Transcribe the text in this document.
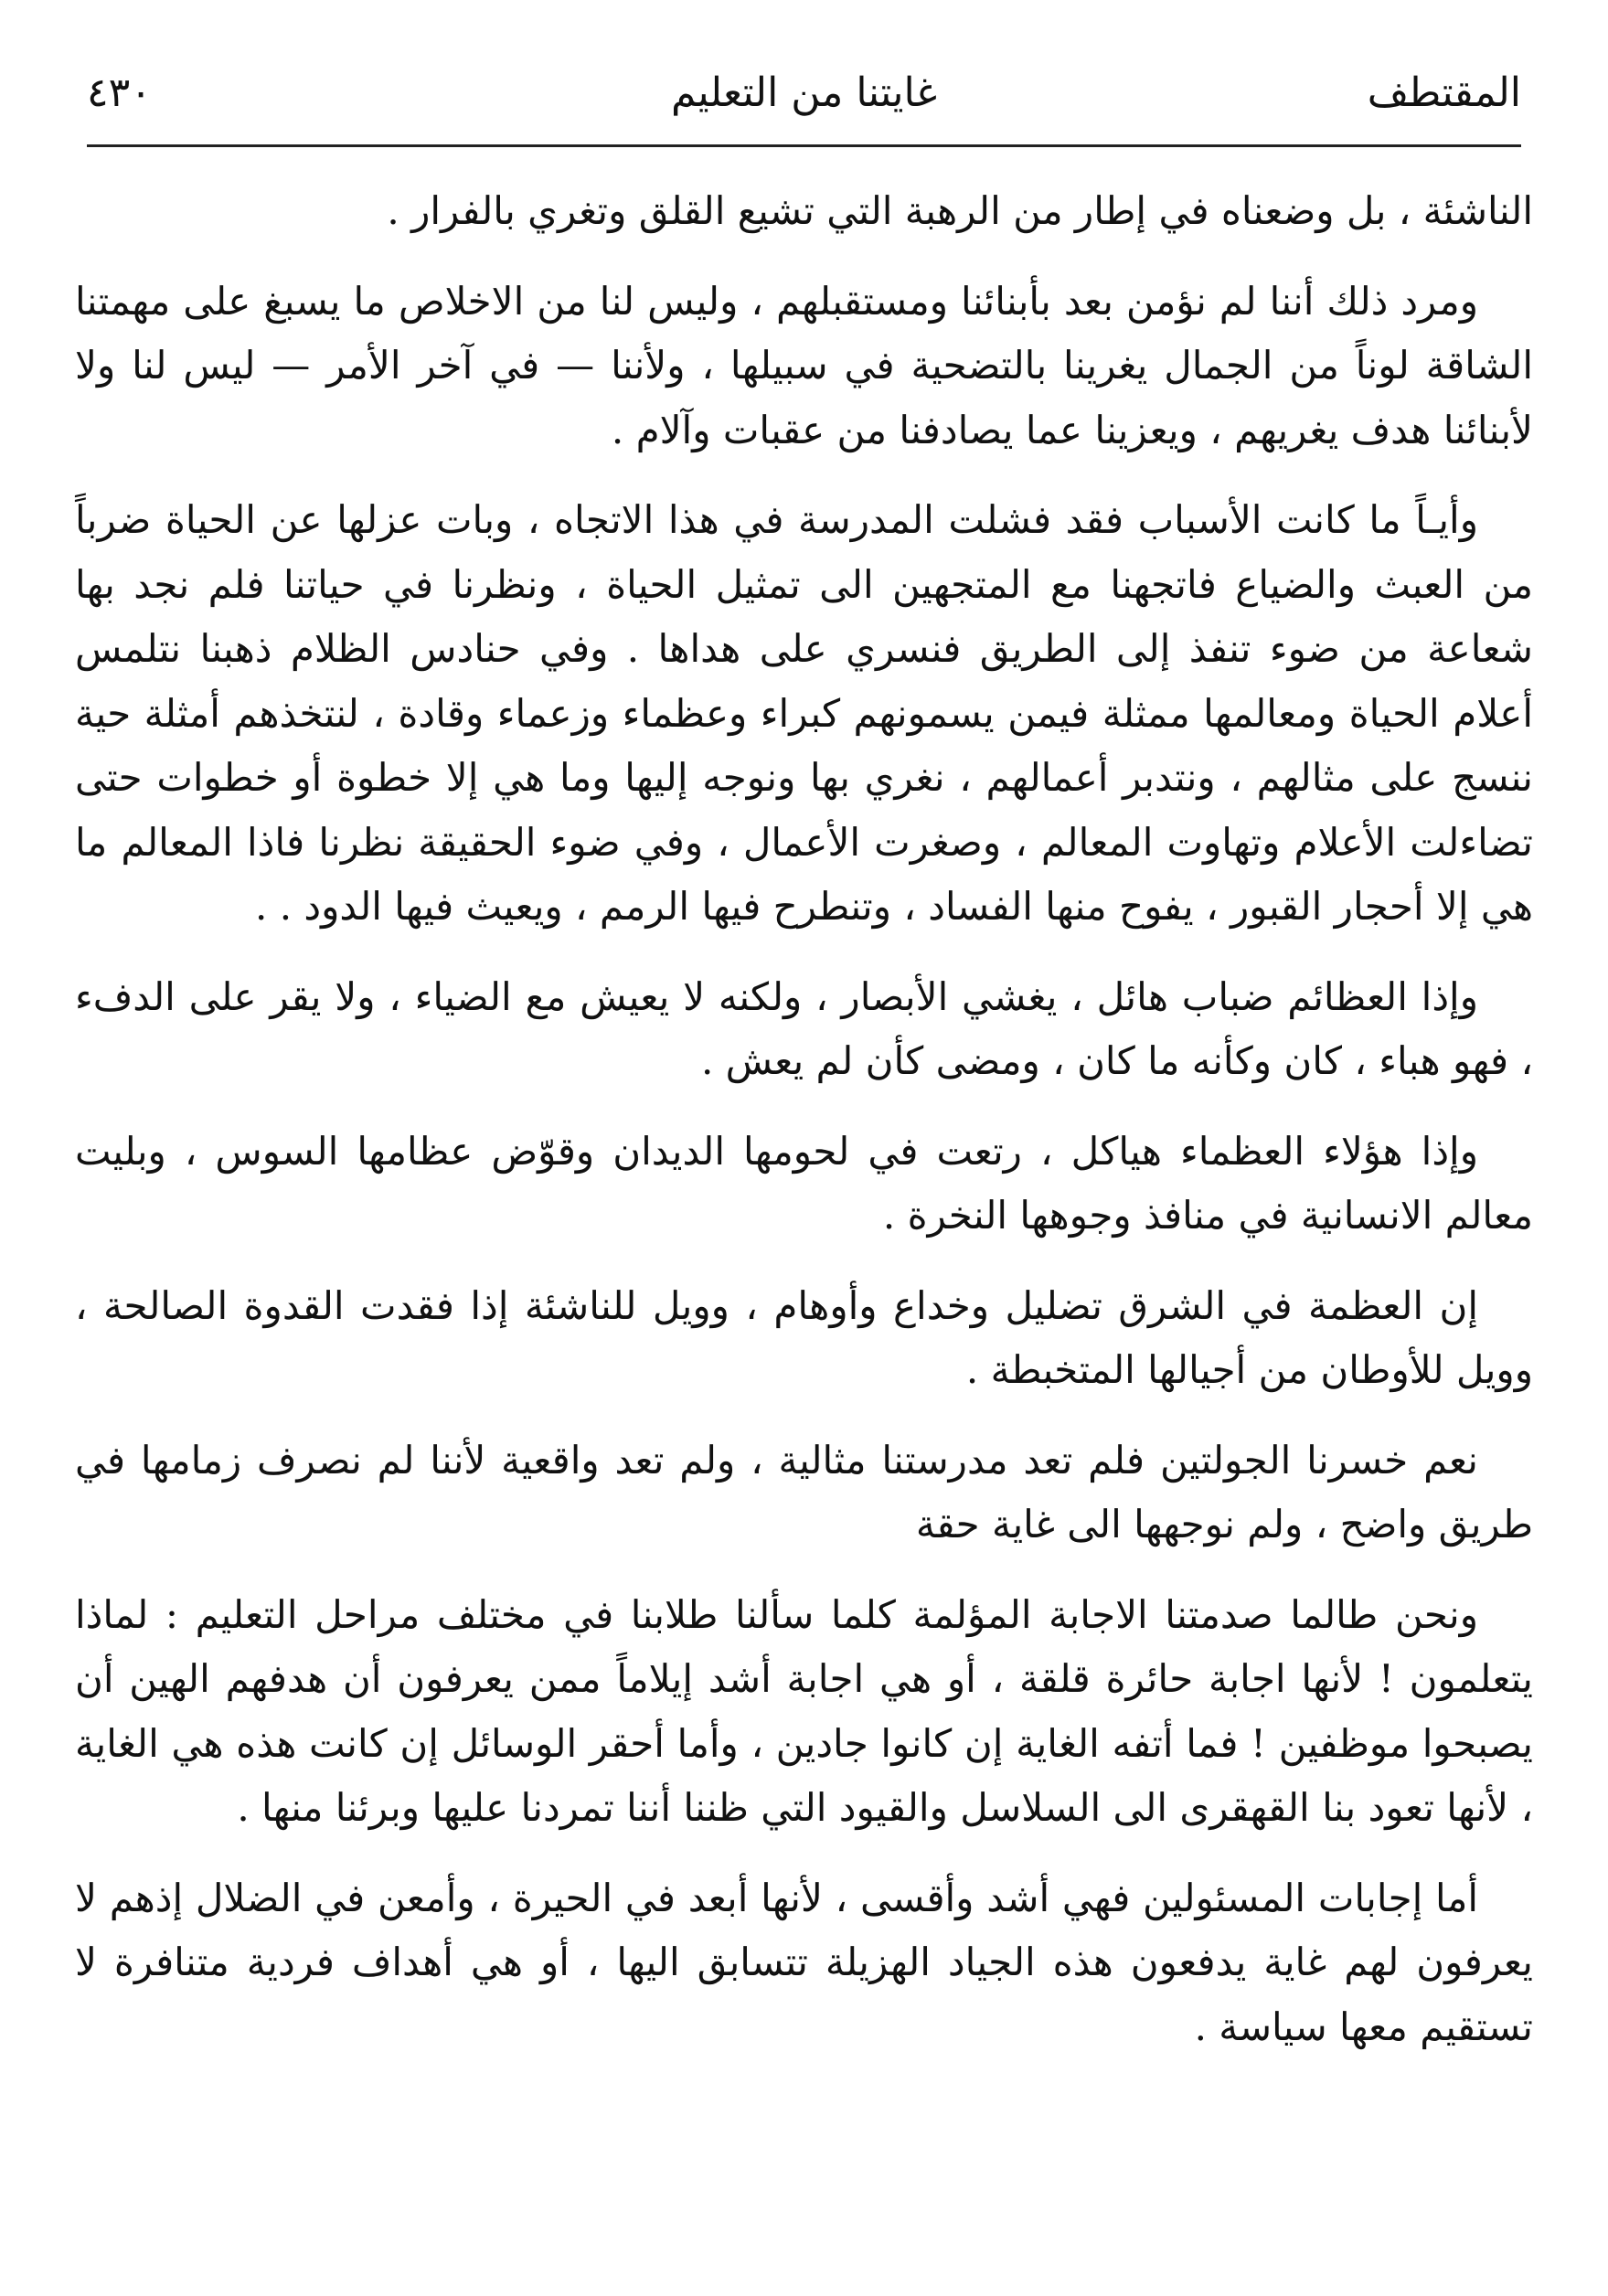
غايتنا من التعليم
٤٣٠	المقتطف

الناشئة ، بل وضعناه في إطار من الرهبة التي تشيع القلق وتغري بالفرار .

ومرد ذلك أننا لم نؤمن بعد بأبنائنا ومستقبلهم ، وليس لنا من الاخلاص ما يسبغ على مهمتنا الشاقة لوناً من الجمال يغرينا بالتضحية في سبيلها ، ولأننا — في آخر الأمر — ليس لنا ولا لأبنائنا هدف يغريهم ، ويعزينا عما يصادفنا من عقبات وآلام .

وأيـاً ما كانت الأسباب فقد فشلت المدرسة في هذا الاتجاه ، وبات عزلها عن الحياة ضرباً من العبث والضياع فاتجهنا مع المتجهين الى تمثيل الحياة ، ونظرنا في حياتنا فلم نجد بها شعاعة من ضوء تنفذ إلى الطريق فنسري على هداها . وفي حنادس الظلام ذهبنا نتلمس أعلام الحياة ومعالمها ممثلة فيمن يسمونهم كبراء وعظماء وزعماء وقادة ، لنتخذهم أمثلة حية ننسج على مثالهم ، ونتدبر أعمالهم ، نغري بها ونوجه إليها وما هي إلا خطوة أو خطوات حتى تضاءلت الأعلام وتهاوت المعالم ، وصغرت الأعمال ، وفي ضوء الحقيقة نظرنا فاذا المعالم ما هي إلا أحجار القبور ، يفوح منها الفساد ، وتنطرح فيها الرمم ، ويعيث فيها الدود . .

وإذا العظائم ضباب هائل ، يغشي الأبصار ، ولكنه لا يعيش مع الضياء ، ولا يقر على الدفء ، فهو هباء ، كان وكأنه ما كان ، ومضى كأن لم يعش .

وإذا هؤلاء العظماء هياكل ، رتعت في لحومها الديدان وقوّض عظامها السوس ، وبليت معالم الانسانية في منافذ وجوهها النخرة .

إن العظمة في الشرق تضليل وخداع وأوهام ، وويل للناشئة إذا فقدت القدوة الصالحة ، وويل للأوطان من أجيالها المتخبطة .

نعم خسرنا الجولتين فلم تعد مدرستنا مثالية ، ولم تعد واقعية لأننا لم نصرف زمامها في طريق واضح ، ولم نوجهها الى غاية حقة

ونحن طالما صدمتنا الاجابة المؤلمة كلما سألنا طلابنا في مختلف مراحل التعليم : لماذا يتعلمون ! لأنها اجابة حائرة قلقة ، أو هي اجابة أشد إيلاماً ممن يعرفون أن هدفهم الهين أن يصبحوا موظفين ! فما أتفه الغاية إن كانوا جادين ، وأما أحقر الوسائل إن كانت هذه هي الغاية ، لأنها تعود بنا القهقرى الى السلاسل والقيود التي ظننا أننا تمردنا عليها وبرئنا منها .

أما إجابات المسئولين فهي أشد وأقسى ، لأنها أبعد في الحيرة ، وأمعن في الضلال إذهم لا يعرفون لهم غاية يدفعون هذه الجياد الهزيلة تتسابق اليها ، أو هي أهداف فردية متنافرة لا تستقيم معها سياسة .
